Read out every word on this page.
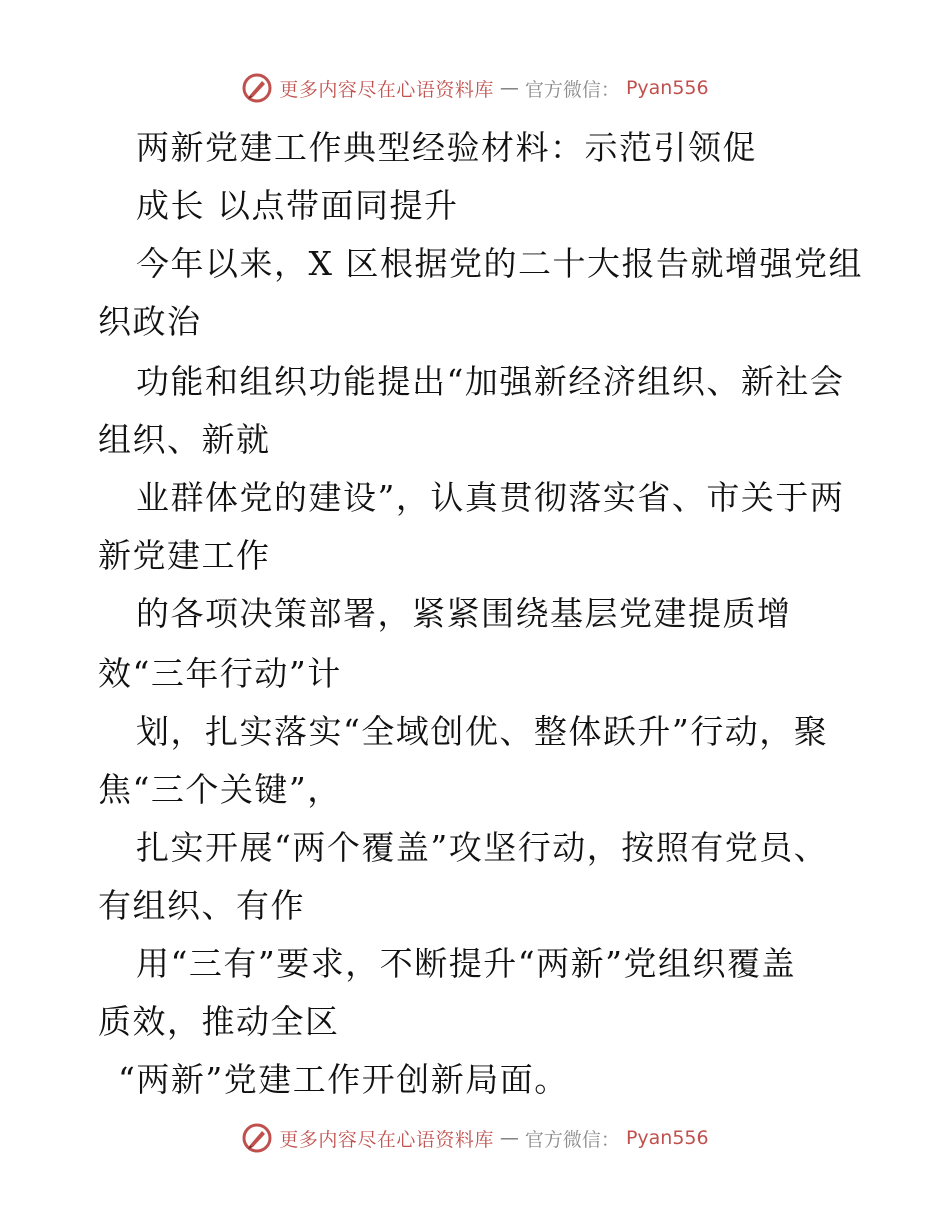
更多内容尽在心语资料库 — 官方微信： Pyan556
两新党建工作典型经验材料：示范引领促
成长 以点带面同提升
今年以来，X 区根据党的二十大报告就增强党组
织政治
功能和组织功能提出“加强新经济组织、新社会
组织、新就
业群体党的建设”，认真贯彻落实省、市关于两
新党建工作
的各项决策部署，紧紧围绕基层党建提质增
效“三年行动”计
划，扎实落实“全域创优、整体跃升”行动，聚
焦“三个关键”，
扎实开展“两个覆盖”攻坚行动，按照有党员、
有组织、有作
用“三有”要求，不断提升“两新”党组织覆盖
质效，推动全区
“两新”党建工作开创新局面。
更多内容尽在心语资料库 — 官方微信： Pyan556
